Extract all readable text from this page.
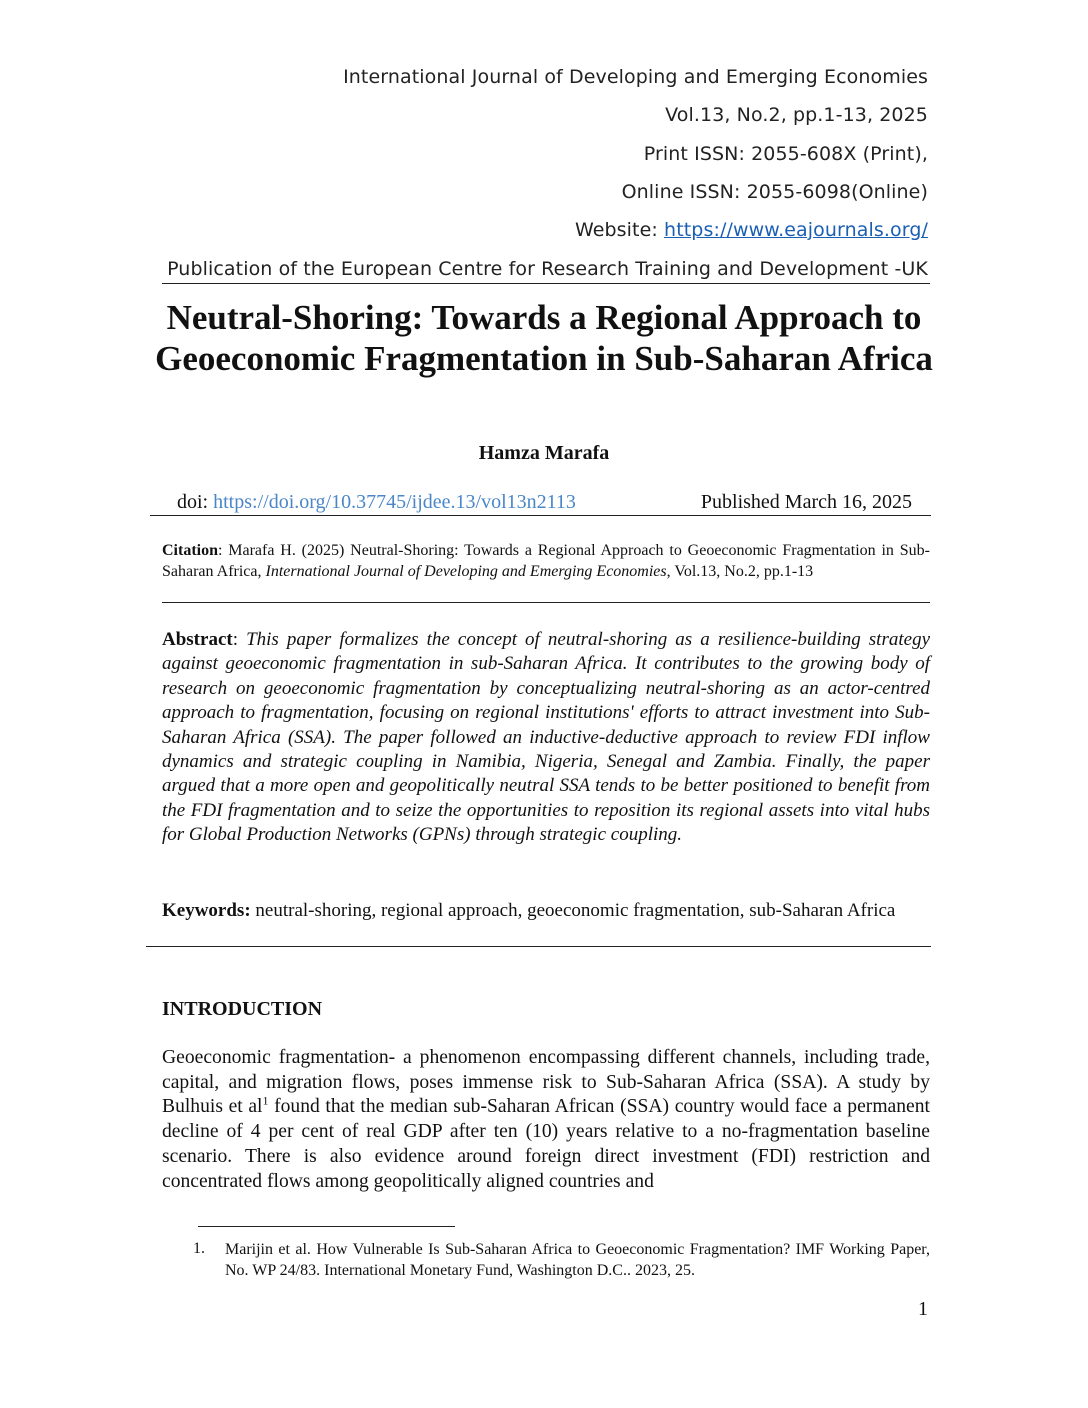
International Journal of Developing and Emerging Economies
Vol.13, No.2, pp.1-13, 2025
Print ISSN: 2055-608X (Print),
Online ISSN: 2055-6098(Online)
Website: https://www.eajournals.org/
Publication of the European Centre for Research Training and Development -UK
Neutral-Shoring: Towards a Regional Approach to Geoeconomic Fragmentation in Sub-Saharan Africa
Hamza Marafa
doi: https://doi.org/10.37745/ijdee.13/vol13n2113	Published March 16, 2025
Citation: Marafa H. (2025) Neutral-Shoring: Towards a Regional Approach to Geoeconomic Fragmentation in Sub-Saharan Africa, International Journal of Developing and Emerging Economies, Vol.13, No.2, pp.1-13
Abstract: This paper formalizes the concept of neutral-shoring as a resilience-building strategy against geoeconomic fragmentation in sub-Saharan Africa. It contributes to the growing body of research on geoeconomic fragmentation by conceptualizing neutral-shoring as an actor-centred approach to fragmentation, focusing on regional institutions' efforts to attract investment into Sub-Saharan Africa (SSA). The paper followed an inductive-deductive approach to review FDI inflow dynamics and strategic coupling in Namibia, Nigeria, Senegal and Zambia. Finally, the paper argued that a more open and geopolitically neutral SSA tends to be better positioned to benefit from the FDI fragmentation and to seize the opportunities to reposition its regional assets into vital hubs for Global Production Networks (GPNs) through strategic coupling.
Keywords: neutral-shoring, regional approach, geoeconomic fragmentation, sub-Saharan Africa
INTRODUCTION
Geoeconomic fragmentation- a phenomenon encompassing different channels, including trade, capital, and migration flows, poses immense risk to Sub-Saharan Africa (SSA). A study by Bulhuis et $al^1$ found that the median sub-Saharan African (SSA) country would face a permanent decline of 4 per cent of real GDP after ten (10) years relative to a no-fragmentation baseline scenario. There is also evidence around foreign direct investment (FDI) restriction and concentrated flows among geopolitically aligned countries and
1. Marijin et al. How Vulnerable Is Sub-Saharan Africa to Geoeconomic Fragmentation? IMF Working Paper, No. WP 24/83. International Monetary Fund, Washington D.C.. 2023, 25.
1
